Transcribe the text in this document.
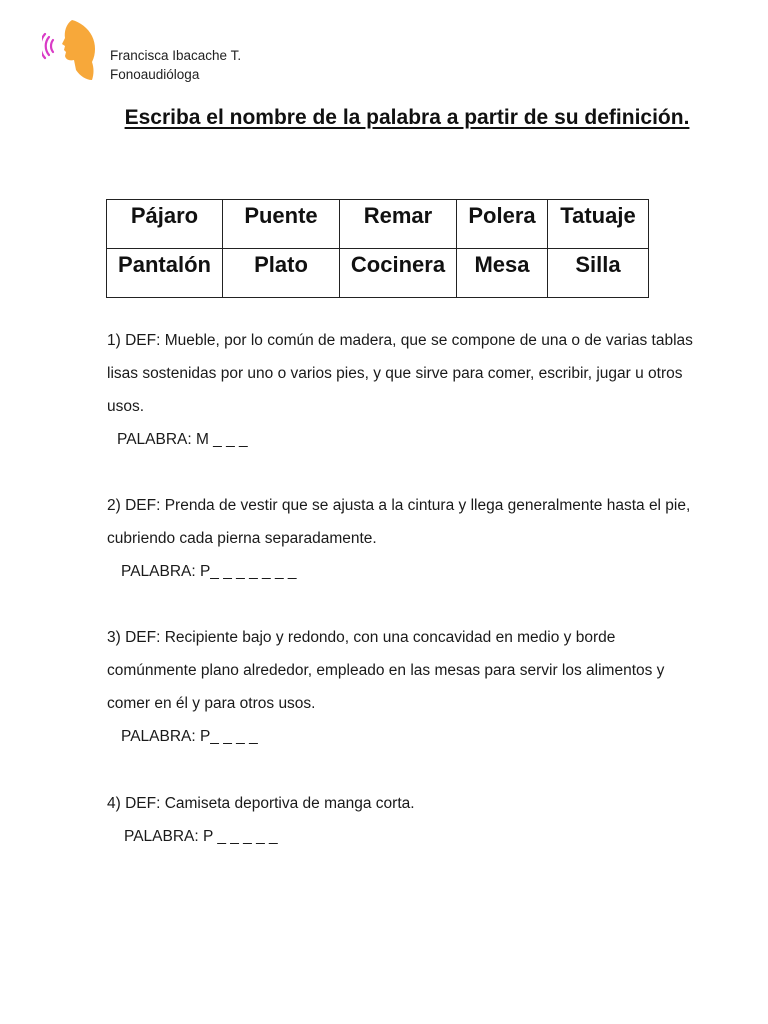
Francisca Ibacache T.
Fonoaudióloga
Escriba el nombre de la palabra a partir de su definición.
Pájaro	Puente	Remar	Polera	Tatuaje
Pantalón	Plato	Cocinera	Mesa	Silla
1) DEF: Mueble, por lo común de madera, que se compone de una o de varias tablas lisas sostenidas por uno o varios pies, y que sirve para comer, escribir, jugar u otros usos.
PALABRA: M _ _ _
2) DEF: Prenda de vestir que se ajusta a la cintura y llega generalmente hasta el pie, cubriendo cada pierna separadamente.
PALABRA: P_ _ _ _ _ _ _
3) DEF: Recipiente bajo y redondo, con una concavidad en medio y borde comúnmente plano alrededor, empleado en las mesas para servir los alimentos y comer en él y para otros usos.
PALABRA: P_ _ _ _
4) DEF: Camiseta deportiva de manga corta.
PALABRA: P _ _ _ _ _
